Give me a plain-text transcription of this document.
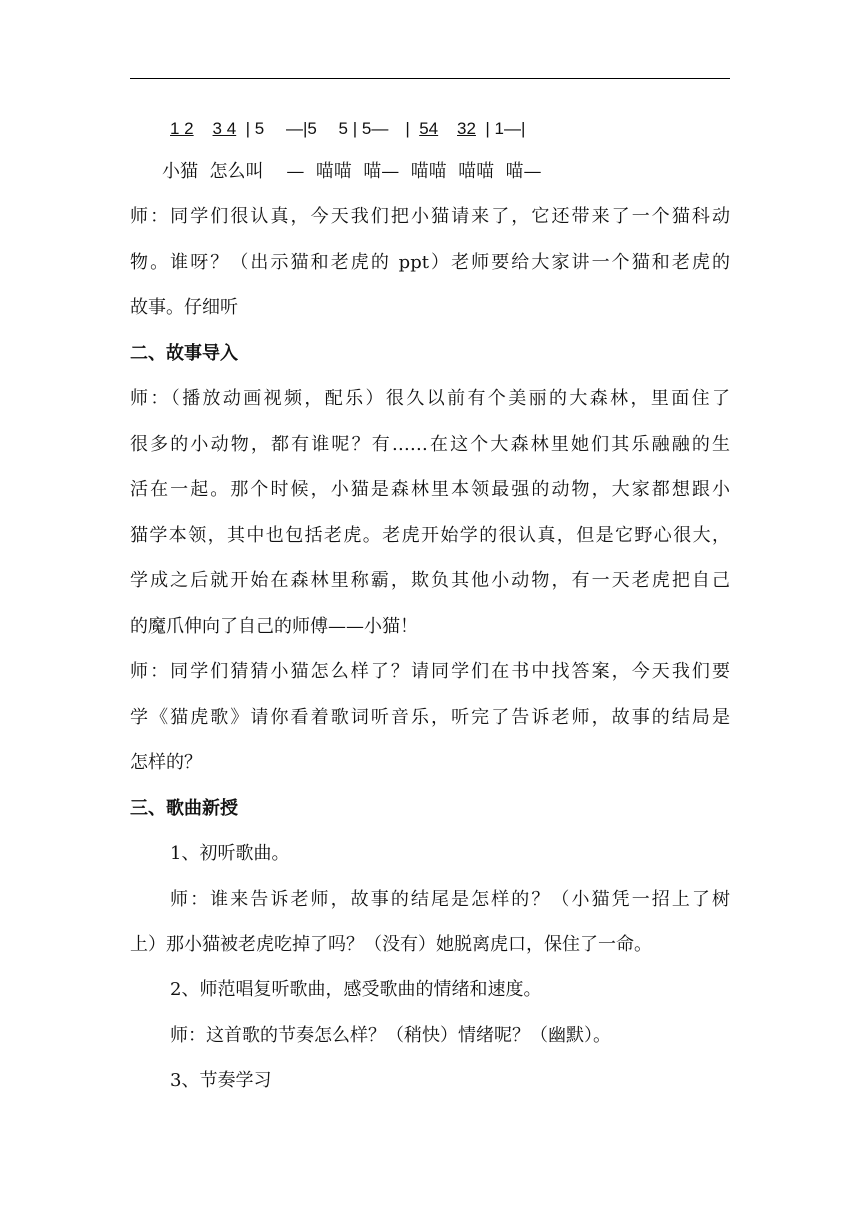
1 2 3 4  | 5　 —|5　 5 | 5—　|  54 32  | 1—|
小猫  怎么叫    —  喵喵  喵—  喵喵  喵喵  喵—
师：同学们很认真，今天我们把小猫请来了，它还带来了一个猫科动
物。谁呀？（出示猫和老虎的 ppt）老师要给大家讲一个猫和老虎的
故事。仔细听
二、故事导入
师：（播放动画视频，配乐）很久以前有个美丽的大森林，里面住了
很多的小动物，都有谁呢？有……在这个大森林里她们其乐融融的生
活在一起。那个时候，小猫是森林里本领最强的动物，大家都想跟小
猫学本领，其中也包括老虎。老虎开始学的很认真，但是它野心很大，
学成之后就开始在森林里称霸，欺负其他小动物，有一天老虎把自己
的魔爪伸向了自己的师傅——小猫！
师：同学们猜猜小猫怎么样了？请同学们在书中找答案，今天我们要
学《猫虎歌》请你看着歌词听音乐，听完了告诉老师，故事的结局是
怎样的？
三、歌曲新授
1、初听歌曲。
师：谁来告诉老师，故事的结尾是怎样的？（小猫凭一招上了树
上）那小猫被老虎吃掉了吗？（没有）她脱离虎口，保住了一命。
2、师范唱复听歌曲，感受歌曲的情绪和速度。
师：这首歌的节奏怎么样？（稍快）情绪呢？（幽默）。
3、节奏学习
